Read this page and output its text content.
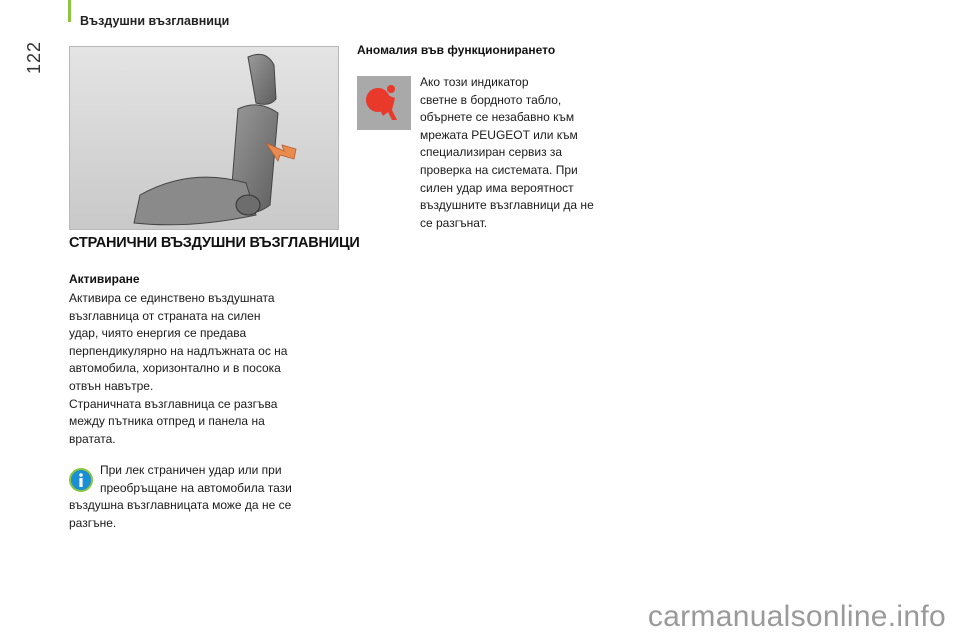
Въздушни възглавници
122
СТРАНИЧНИ ВЪЗДУШНИ ВЪЗГЛАВНИЦИ
Активиране
Активира се единствено въздушната
възглавница от страната на силен
удар, чиято енергия се предава
перпендикулярно на надлъжната ос на
автомобила, хоризонтално и в посока
отвън навътре.
Страничната възглавница се разгъва
между пътника отпред и панела на
вратата.
При лек страничен удар или при
преобръщане на автомобила тази
въздушна възглавницата може да не се
разгъне.
Аномалия във функционирането
Ако този индикатор
светне в бордното табло,
обърнете се незабавно към
мрежата PEUGEOT или към
специализиран сервиз за
проверка на системата. При
силен удар има вероятност
въздушните възглавници да не
се разгънат.
carmanualsonline.info
